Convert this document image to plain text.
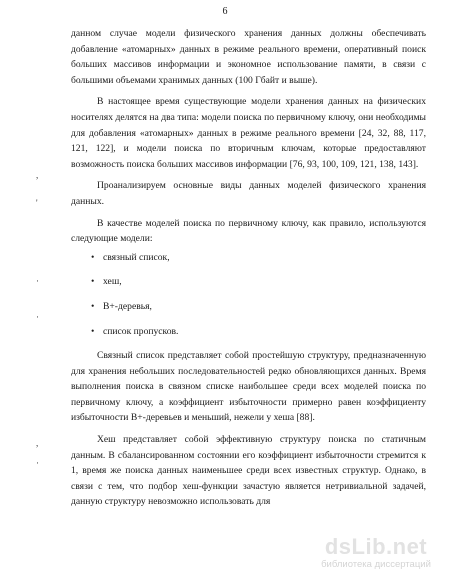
6

данном случае модели физического хранения данных должны обеспечивать добавление «атомарных» данных в режиме реального времени, оперативный поиск больших массивов информации и экономное использование памяти, в связи с большими объемами хранимых данных (100 Гбайт и выше).

В настоящее время существующие модели хранения данных на физических носителях делятся на два типа: модели поиска по первичному ключу, они необходимы для добавления «атомарных» данных в режиме реального времени [24, 32, 88, 117, 121, 122], и модели поиска по вторичным ключам, которые предоставляют возможность поиска больших массивов информации [76, 93, 100, 109, 121, 138, 143].

Проанализируем основные виды данных моделей физического хранения данных.

В качестве моделей поиска по первичному ключу, как правило, используются следующие модели:

• связный список,
• хеш,
• B+-деревья,
• список пропусков.

Связный список представляет собой простейшую структуру, предназначенную для хранения небольших последовательностей редко обновляющихся данных. Время выполнения поиска в связном списке наибольшее среди всех моделей поиска по первичному ключу, а коэффициент избыточности примерно равен коэффициенту избыточности B+-деревьев и меньший, нежели у хеша [88].

Хеш представляет собой эффективную структуру поиска по статичным данным. В сбалансированном состоянии его коэффициент избыточности стремится к 1, время же поиска данных наименьшее среди всех известных структур. Однако, в связи с тем, что подбор хеш-функции зачастую является нетривиальной задачей, данную структуру невозможно использовать для

,
'
·
·
,
·
dsLib.net
библиотека диссертаций
